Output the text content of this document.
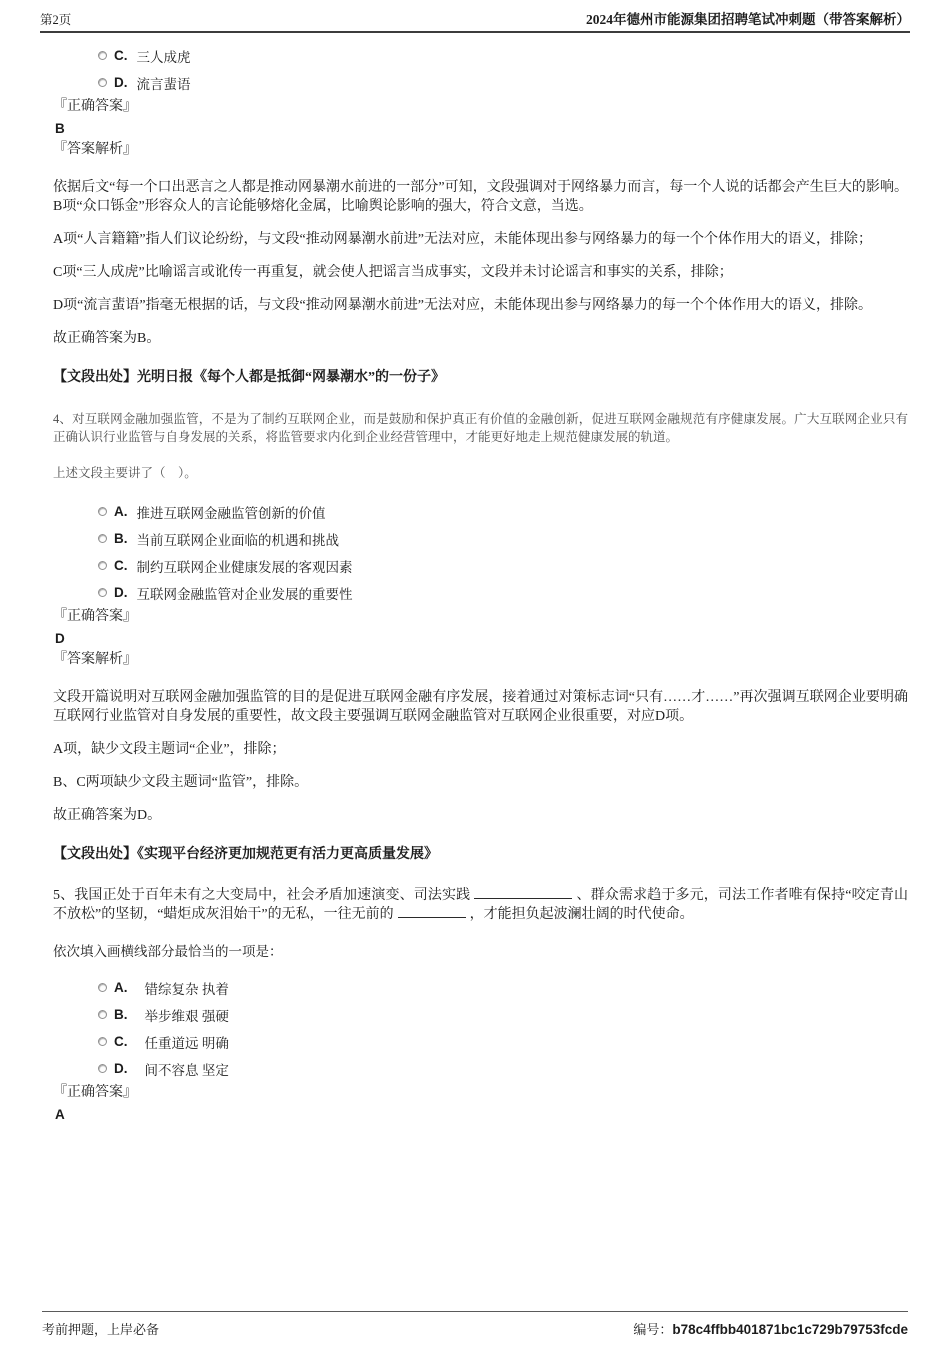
第2页	2024年德州市能源集团招聘笔试冲刺题（带答案解析）
C. 三人成虎
D. 流言蜚语
『正确答案』
B
『答案解析』
依据后文“每一个口出恶言之人都是推动网暴潮水前进的一部分”可知，文段强调对于网络暴力而言，每一个人说的话都会产生巨大的影响。B项“众口铄金”形容众人的言论能够熔化金属，比喻舆论影响的强大，符合文意，当选。
A项“人言籍籍”指人们议论纷纷，与文段“推动网暴潮水前进”无法对应，未能体现出参与网络暴力的每一个个体作用大的语义，排除；
C项“三人成虎”比喻谣言或讹传一再重复，就会使人把谣言当成事实，文段并未讨论谣言和事实的关系，排除；
D项“流言蜚语”指毫无根据的话，与文段“推动网暴潮水前进”无法对应，未能体现出参与网络暴力的每一个个体作用大的语义，排除。
故正确答案为B。
【文段出处】光明日报《每个人都是抵御“网暴潮水”的一份子》
4、对互联网金融加强监管，不是为了制约互联网企业，而是鼓励和保护真正有价值的金融创新，促进互联网金融规范有序健康发展。广大互联网企业只有正确认识行业监管与自身发展的关系，将监管要求内化到企业经营管理中，才能更好地走上规范健康发展的轨道。
上述文段主要讲了（　）。
A. 推进互联网金融监管创新的价值
B. 当前互联网企业面临的机遇和挑战
C. 制约互联网企业健康发展的客观因素
D. 互联网金融监管对企业发展的重要性
『正确答案』
D
『答案解析』
文段开篇说明对互联网金融加强监管的目的是促进互联网金融有序发展，接着通过对策标志词“只有……才……”再次强调互联网企业要明确互联网行业监管对自身发展的重要性，故文段主要强调互联网金融监管对互联网企业很重要，对应D项。
A项，缺少文段主题词“企业”，排除；
B、C两项缺少文段主题词“监管”，排除。
故正确答案为D。
【文段出处】《实现平台经济更加规范更有活力更高质量发展》
5、我国正处于百年未有之大变局中，社会矛盾加速演变、司法实践	、群众需求趋于多元，司法工作者唯有保持“咬定青山不放松”的坚韧，“蜡炬成灰泪始干”的无私，一往无前的	，才能担负起波澜壮阔的时代使命。
依次填入画横线部分最恰当的一项是：
A. 错综复杂 执着
B. 举步维艰 强硬
C. 任重道远 明确
D. 间不容息 坚定
『正确答案』
A
考前押题，上岸必备	编号：b78c4ffbb401871bc1c729b79753fcde
